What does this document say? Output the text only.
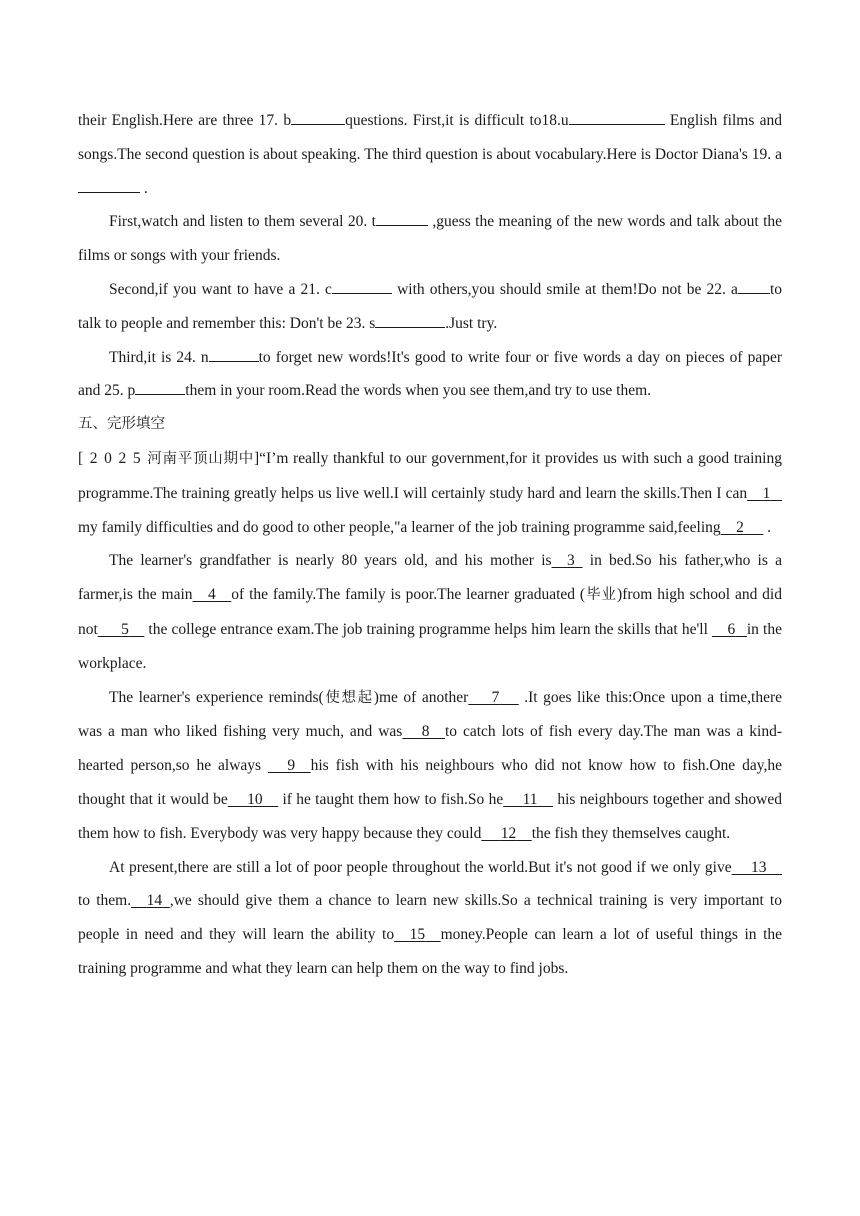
their English.Here are three 17. b	questions. First,it is difficult to18.u	English films and songs.The second question is about speaking. The third question is about vocabulary.Here is Doctor Diana's 19. a .

First,watch and listen to them several 20. t	,guess the meaning of the new words and talk about the films or songs with your friends.

Second,if you want to have a 21. c	with others,you should smile at them!Do not be 22. a to talk to people and remember this: Don't be 23. s	.Just try.

Third,it is 24. n	to forget new words!It's good to write four or five words a day on pieces of paper and 25. p	them in your room.Read the words when you see them,and try to use them.

五、完形填空

[ 2 0 2 5 河南平顶山期中]“I’m really thankful to our government,for it provides us with such a good training programme.The training greatly helps us live well.I will certainly study hard and learn the skills.Then I can 1   my family difficulties and do good to other people,"a learner of the job training programme said,feeling 2      .

The learner's grandfather is nearly 80 years old, and his mother is 3   in bed.So his father,who is a farmer,is the main 4 of the family.The family is poor.The learner graduated (毕业)from high school and did not 5     the college entrance exam.The job training programme helps him learn the skills that he'll     6 in the workplace.

The learner's experience reminds(使想起)me of another 7      .It goes like this:Once upon a time,there was a man who liked fishing very much, and was 8 to catch lots of fish every day.The man was a kind-hearted person,so he always      9 his fish with his neighbours who did not know how to fish.One day,he thought that it would be 10     if he taught them how to fish.So he 11     his neighbours together and showed them how to fish. Everybody was very happy because they could 12 the fish they themselves caught.

At present,there are still a lot of poor people throughout the world.But it's not good if we only give 13    to them. 14 ,we should give them a chance to learn new skills.So a technical training is very important to people in need and they will learn the ability to 15 money.People can learn a lot of useful things in the training programme and what they learn can help them on the way to find jobs.
